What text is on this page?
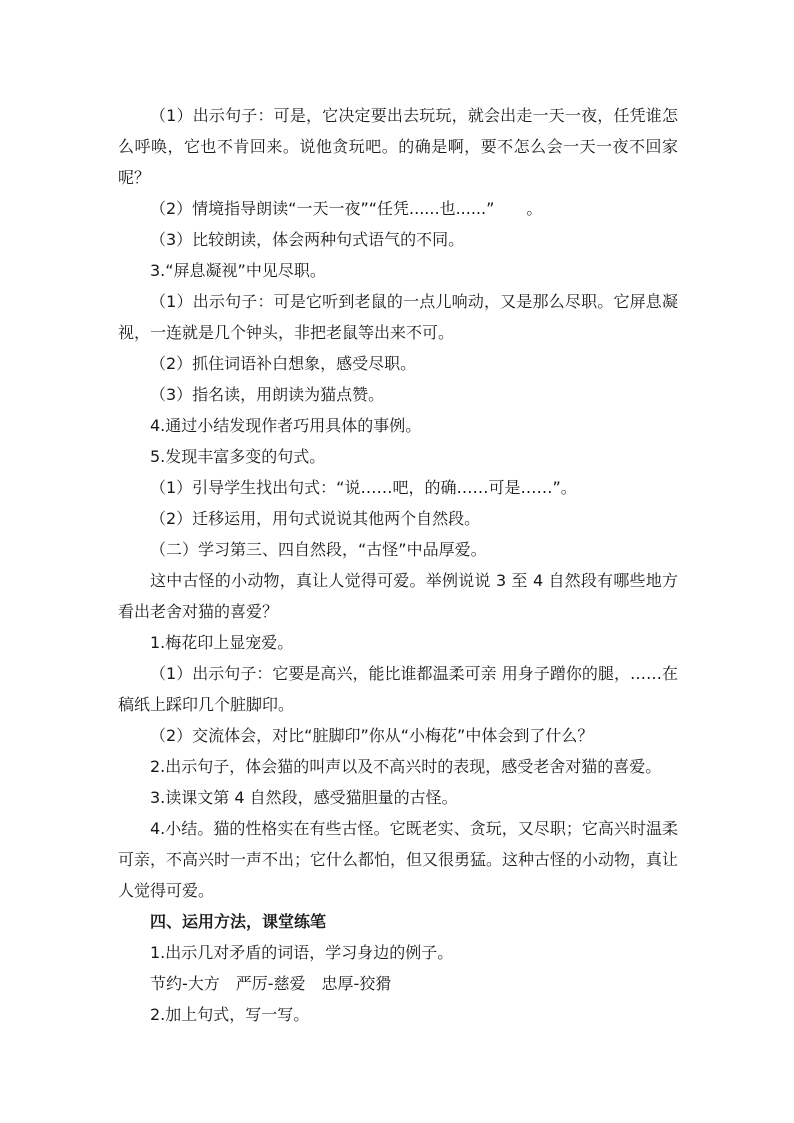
（1）出示句子：可是，它决定要出去玩玩，就会出走一天一夜，任凭谁怎么呼唤，它也不肯回来。说他贪玩吧。的确是啊，要不怎么会一天一夜不回家呢？

（2）情境指导朗读“一天一夜”“任凭......也......”　　。

（3）比较朗读，体会两种句式语气的不同。

3.“屏息凝视”中见尽职。

（1）出示句子：可是它听到老鼠的一点儿响动，又是那么尽职。它屏息凝视，一连就是几个钟头，非把老鼠等出来不可。

（2）抓住词语补白想象，感受尽职。

（3）指名读，用朗读为猫点赞。

4.通过小结发现作者巧用具体的事例。

5.发现丰富多变的句式。

（1）引导学生找出句式：“说……吧，的确……可是……”。

（2）迁移运用，用句式说说其他两个自然段。

（二）学习第三、四自然段，“古怪”中品厚爱。

这中古怪的小动物，真让人觉得可爱。举例说说 3 至 4 自然段有哪些地方看出老舍对猫的喜爱？

1.梅花印上显宠爱。

（1）出示句子：它要是高兴，能比谁都温柔可亲 用身子蹭你的腿，……在稿纸上踩印几个脏脚印。

（2）交流体会，对比“脏脚印”你从“小梅花”中体会到了什么？

2.出示句子，体会猫的叫声以及不高兴时的表现，感受老舍对猫的喜爱。

3.读课文第 4 自然段，感受猫胆量的古怪。

4.小结。猫的性格实在有些古怪。它既老实、贪玩，又尽职；它高兴时温柔可亲，不高兴时一声不出；它什么都怕，但又很勇猛。这种古怪的小动物，真让人觉得可爱。

四、运用方法，课堂练笔

1.出示几对矛盾的词语，学习身边的例子。

节约-大方　严厉-慈爱　忠厚-狡猾

2.加上句式，写一写。
